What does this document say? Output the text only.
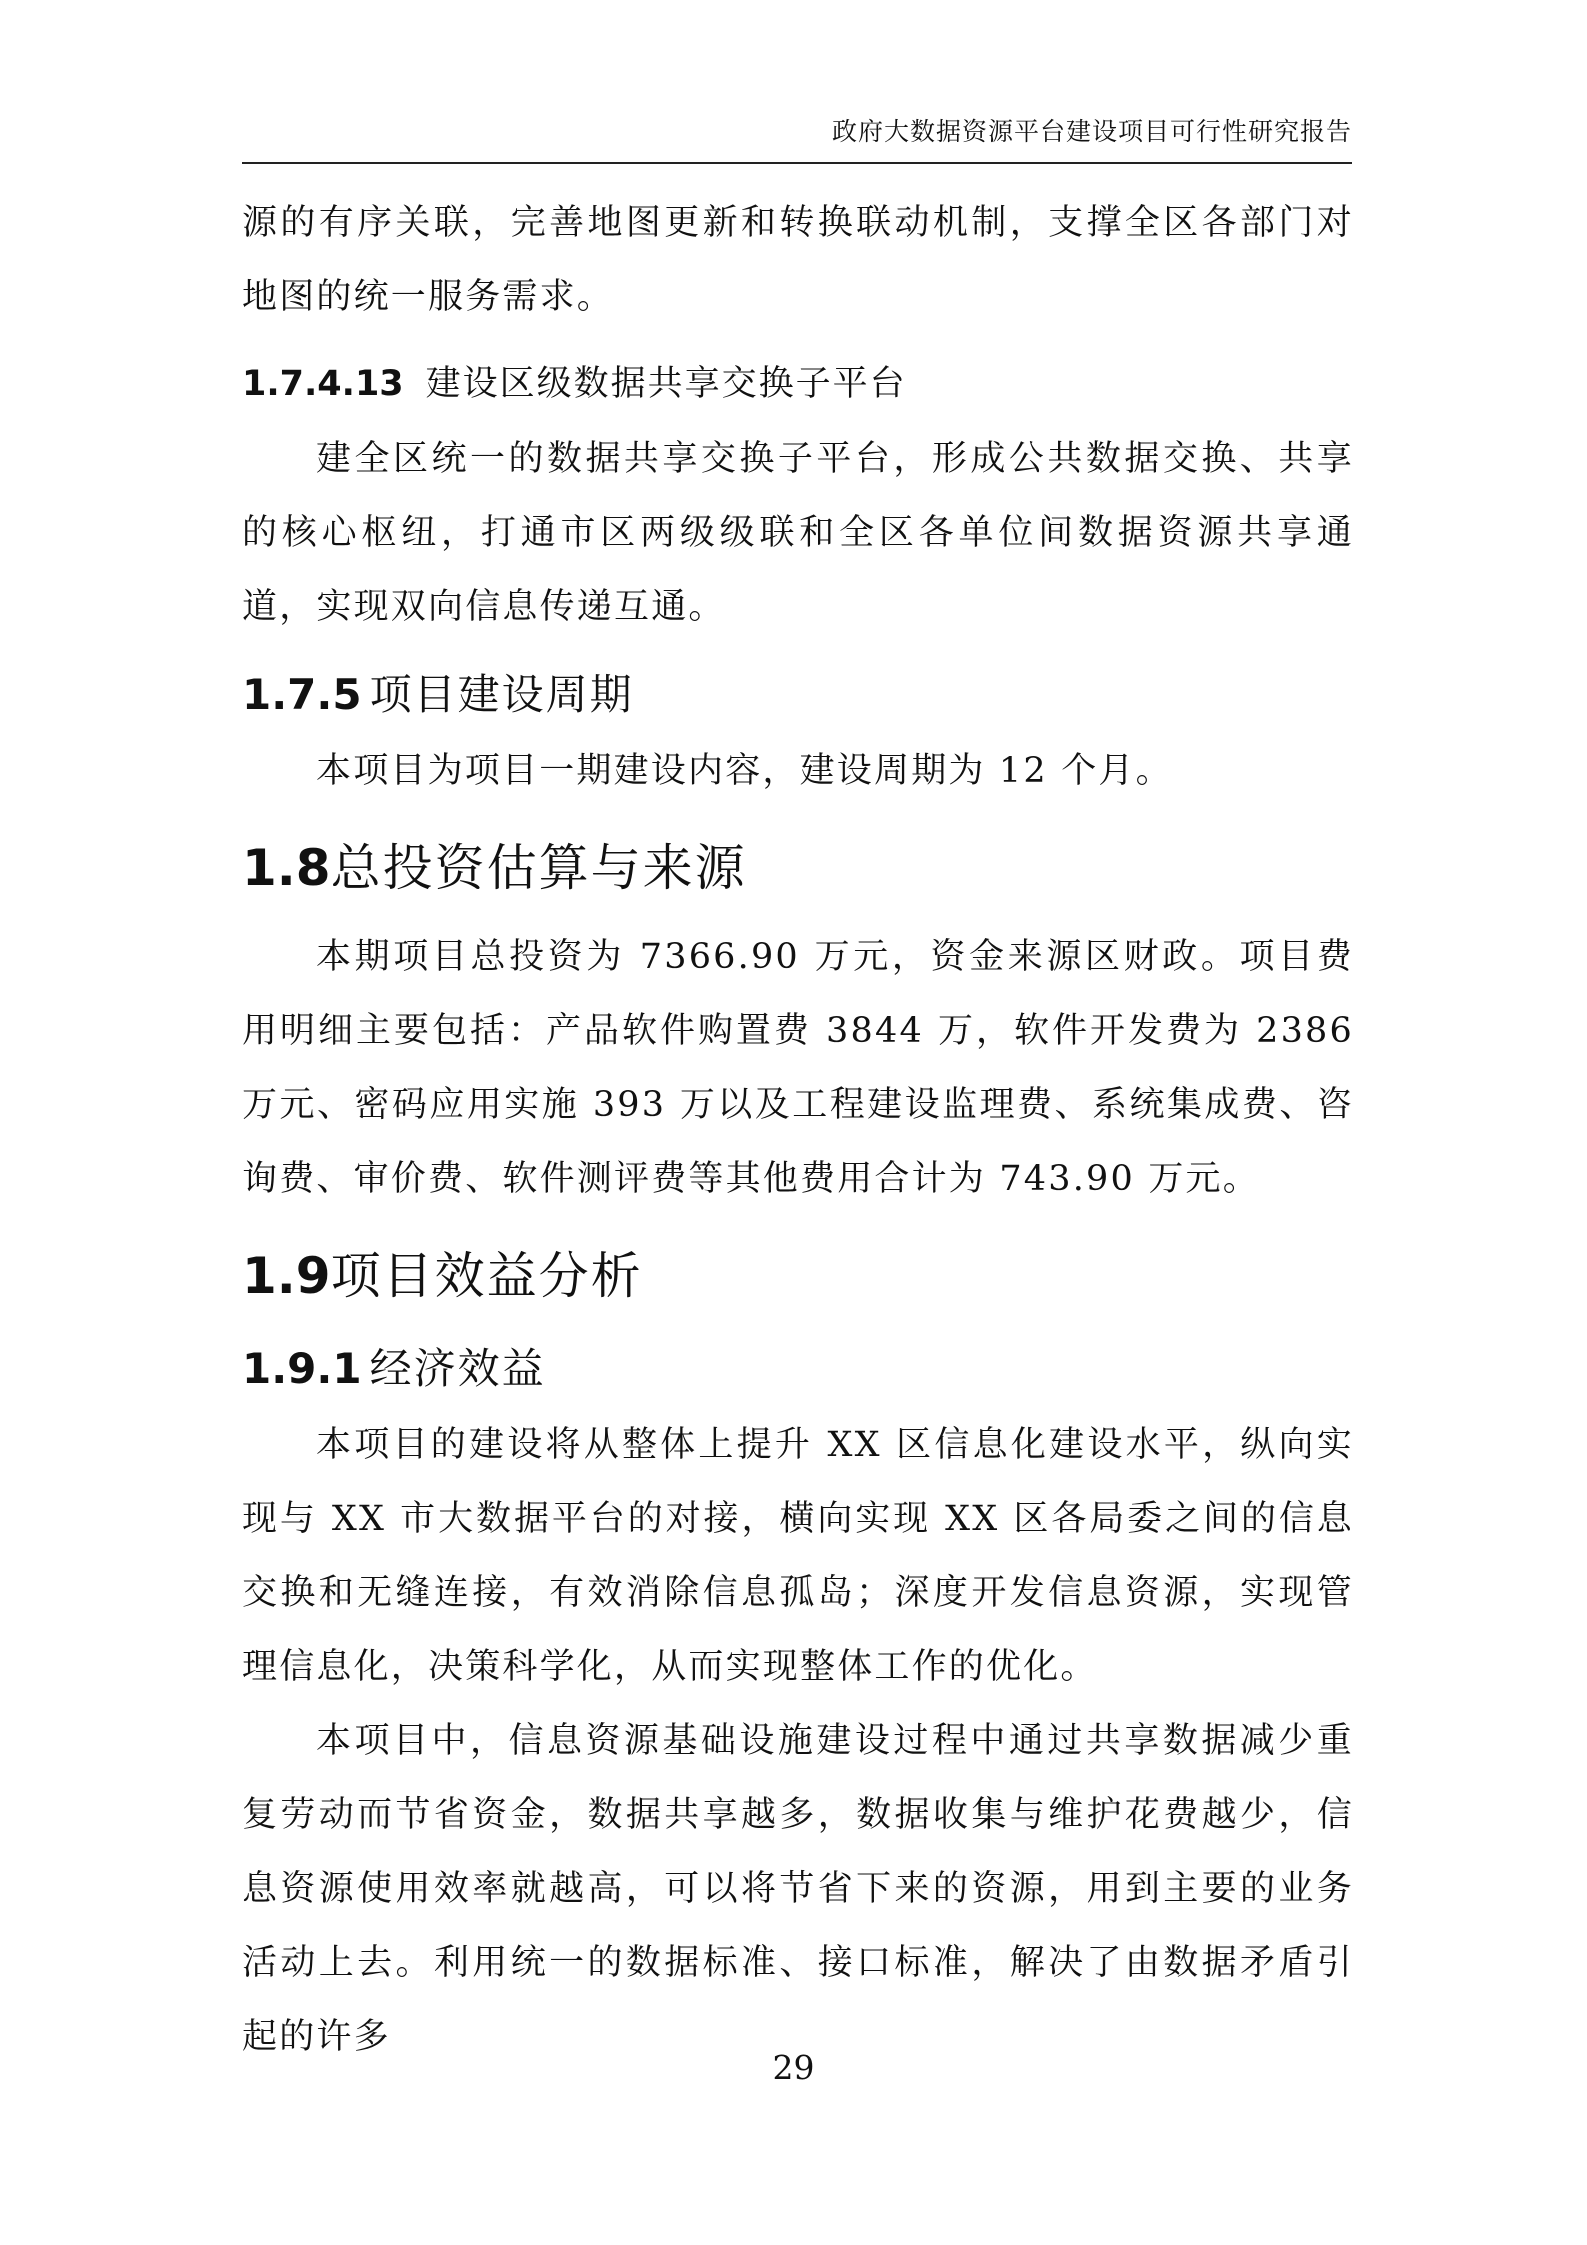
政府大数据资源平台建设项目可行性研究报告

源的有序关联，完善地图更新和转换联动机制，支撑全区各部门对地图的统一服务需求。

1.7.4.13 建设区级数据共享交换子平台

建全区统一的数据共享交换子平台，形成公共数据交换、共享的核心枢纽，打通市区两级级联和全区各单位间数据资源共享通道，实现双向信息传递互通。

1.7.5 项目建设周期

本项目为项目一期建设内容，建设周期为 12 个月。

1.8总投资估算与来源

本期项目总投资为 7366.90 万元，资金来源区财政。项目费用明细主要包括：产品软件购置费 3844 万，软件开发费为 2386 万元、密码应用实施 393 万以及工程建设监理费、系统集成费、咨询费、审价费、软件测评费等其他费用合计为 743.90 万元。

1.9项目效益分析
1.9.1 经济效益

本项目的建设将从整体上提升 XX 区信息化建设水平，纵向实现与 XX 市大数据平台的对接，横向实现 XX 区各局委之间的信息交换和无缝连接，有效消除信息孤岛；深度开发信息资源，实现管理信息化，决策科学化，从而实现整体工作的优化。

本项目中，信息资源基础设施建设过程中通过共享数据减少重复劳动而节省资金，数据共享越多，数据收集与维护花费越少，信息资源使用效率就越高，可以将节省下来的资源，用到主要的业务活动上去。利用统一的数据标准、接口标准，解决了由数据矛盾引起的许多

29
